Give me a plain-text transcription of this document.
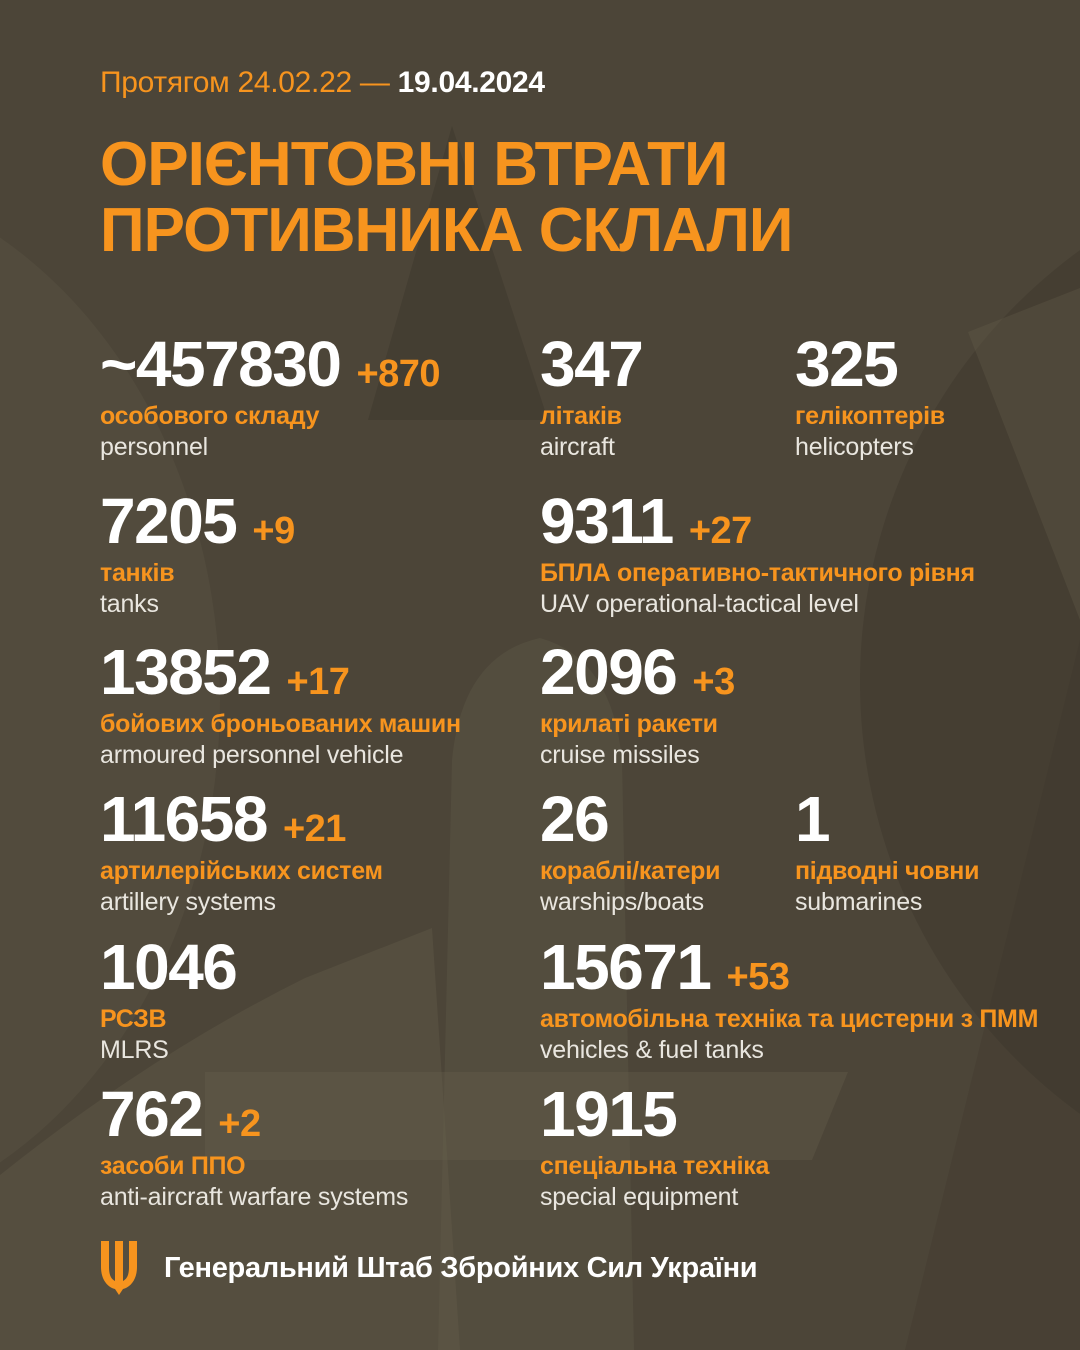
Протягом 24.02.22 — 19.04.2024
ОРІЄНТОВНІ ВТРАТИ
ПРОТИВНИКА СКЛАЛИ
~457830 +870
особового складу
personnel
347
літаків
aircraft
325
гелікоптерів
helicopters
7205 +9
танків
tanks
9311 +27
БПЛА оперативно-тактичного рівня
UAV operational-tactical level
13852 +17
бойових броньованих машин
armoured personnel vehicle
2096 +3
крилаті ракети
cruise missiles
11658 +21
артилерійських систем
artillery systems
26
кораблі/катери
warships/boats
1
підводні човни
submarines
1046
РСЗВ
MLRS
15671 +53
автомобільна техніка та цистерни з ПММ
vehicles & fuel tanks
762 +2
засоби ППО
anti-aircraft warfare systems
1915
спеціальна техніка
special equipment
Генеральний Штаб Збройних Сил України
